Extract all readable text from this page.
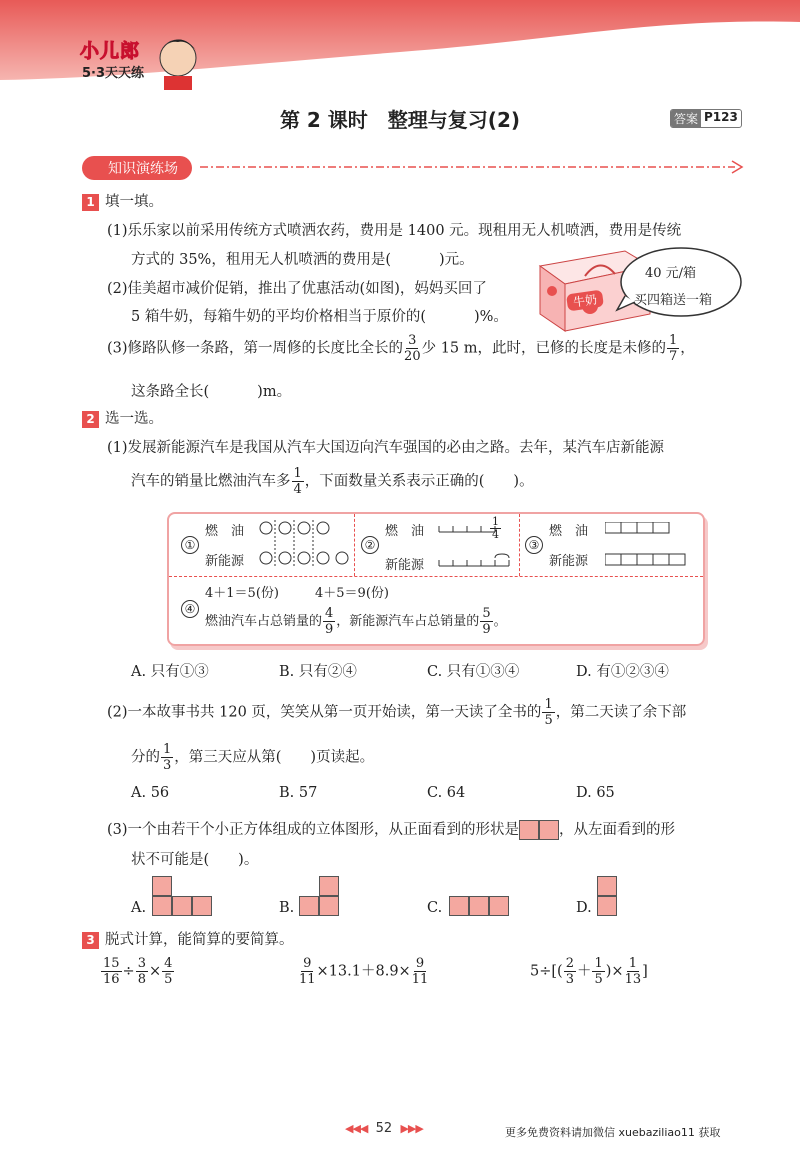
小儿郎
5·3天天练
第 2 课时　整理与复习(2)	答案 P123
知识演练场
1 填一填。
(1)乐乐家以前采用传统方式喷洒农药，费用是 1400 元。现租用无人机喷洒，费用是传统
方式的 35%，租用无人机喷洒的费用是(	)元。
(2)佳美超市减价促销，推出了优惠活动(如图)，妈妈买回了
5 箱牛奶，每箱牛奶的平均价格相当于原价的(	)%。
牛奶
40 元/箱
买四箱送一箱
(3)修路队修一条路，第一周修的长度比全长的 $\frac{3}{20}$ 少 15 m，此时，已修的长度是未修的 $\frac{1}{7}$ ，
这条路全长(	)m。
2 选一选。
(1)发展新能源汽车是我国从汽车大国迈向汽车强国的必由之路。去年，某汽车店新能源
汽车的销量比燃油汽车多 $\frac{1}{4}$ ，下面数量关系表示正确的(　　)。
①
燃　油
新能源
②
燃　油
新能源
$\frac{1}{4}$
③
燃　油
新能源
④
4＋1＝5(份)	4＋5＝9(份)
燃油汽车占总销量的 $\frac{4}{9}$ ，新能源汽车占总销量的 $\frac{5}{9}$ 。
A. 只有①③	B. 只有②④	C. 只有①③④	D. 有①②③④
(2)一本故事书共 120 页，笑笑从第一页开始读，第一天读了全书的 $\frac{1}{5}$ ，第二天读了余下部
分的 $\frac{1}{3}$ ，第三天应从第(　　)页读起。
A. 56	B. 57	C. 64	D. 65
(3)一个由若干个小正方体组成的立体图形，从正面看到的形状是	，从左面看到的形
状不可能是(　　)。
A.	B.	C.	D.
3 脱式计算，能简算的要简算。
$\frac{15}{16} \div \frac{3}{8} \times \frac{4}{5}$	$\frac{9}{11} \times 13.1+8.9\times \frac{9}{11}$	$5\div[( \frac{2}{3} + \frac{1}{5}$ )× $\frac{1}{13}$ ]
◀◀◀ 52 ▶▶▶	更多免费资料请加微信 xuebaziliao11 获取
